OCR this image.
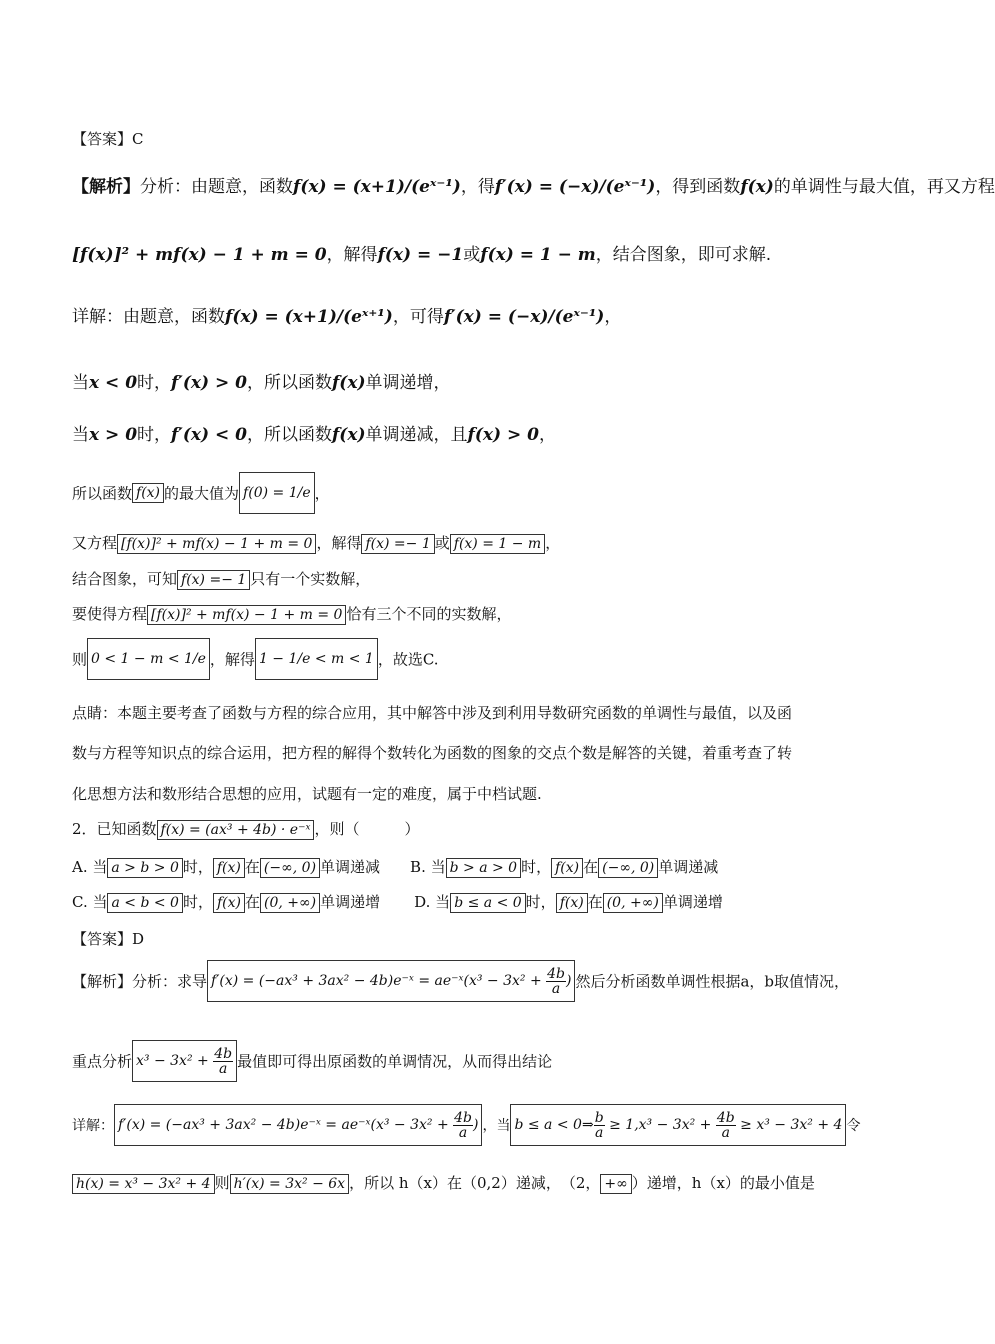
【答案】C
【解析】分析：由题意，函数f(x) = (x+1)/(eˣ⁻¹)，得f′(x) = (−x)/(eˣ⁻¹)，得到函数f(x)的单调性与最大值，再又方程
[f(x)]² + mf(x) − 1 + m = 0，解得f(x) = −1或f(x) = 1 − m，结合图象，即可求解.
详解：由题意，函数f(x) = (x+1)/(eˣ⁺¹)，可得f′(x) = (−x)/(eˣ⁻¹)，
当x < 0时，f′(x) > 0，所以函数f(x)单调递增，
当x > 0时，f′(x) < 0，所以函数f(x)单调递减，且f(x) > 0，
所以函数 f(x) 的最大值为 f(0) = 1/e ，
又方程 [f(x)]² + mf(x) − 1 + m = 0 ，解得 f(x) =− 1 或 f(x) = 1 − m ，
结合图象，可知 f(x) =− 1 只有一个实数解，
要使得方程 [f(x)]² + mf(x) − 1 + m = 0 恰有三个不同的实数解，
则 0 < 1 − m < 1/e ，解得 1 − 1/e < m < 1 ，故选C.
点睛：本题主要考查了函数与方程的综合应用，其中解答中涉及到利用导数研究函数的单调性与最值，以及函
数与方程等知识点的综合运用，把方程的解得个数转化为函数的图象的交点个数是解答的关键，着重考查了转
化思想方法和数形结合思想的应用，试题有一定的难度，属于中档试题.
2．已知函数 f(x) = (ax³ + 4b) · e⁻ˣ ，则（　　　）
A. 当 a > b > 0 时， f(x) 在 (−∞, 0) 单调递减 B. 当 b > a > 0 时， f(x) 在 (−∞, 0) 单调递减
C. 当 a < b < 0 时， f(x) 在 (0, +∞) 单调递增 D. 当 b ≤ a < 0 时， f(x) 在 (0, +∞) 单调递增
【答案】D
【解析】分析：求导 f′(x) = (−ax³ + 3ax² − 4b)e⁻ˣ = ae⁻ˣ(x³ − $3x^2 + \frac{4b}{a}$ ) 然后分析函数单调性根据a，b取值情况，
重点分析 $x^3 - 3x^2 + \frac{4b}{a}$ 最值即可得出原函数的单调情况，从而得出结论
详解： f′(x) = (−ax³ + 3ax² − 4b)e⁻ˣ = ae⁻ˣ(x³ − $3x^2 + \frac{4b}{a}$ ) ，当 b ≤ a < 0⇒ $\frac{b}{a} \ge 1,x^3 - 3x^2 + \frac{4b}{a} \ge x^3 - 3x^2 + 4$ 令
h(x) = x³ − 3x² + 4 则 h′(x) = 3x² − 6x ，所以 h（x）在（0,2）递减，　（2， +∞ ）递增，h（x）的最小值是
